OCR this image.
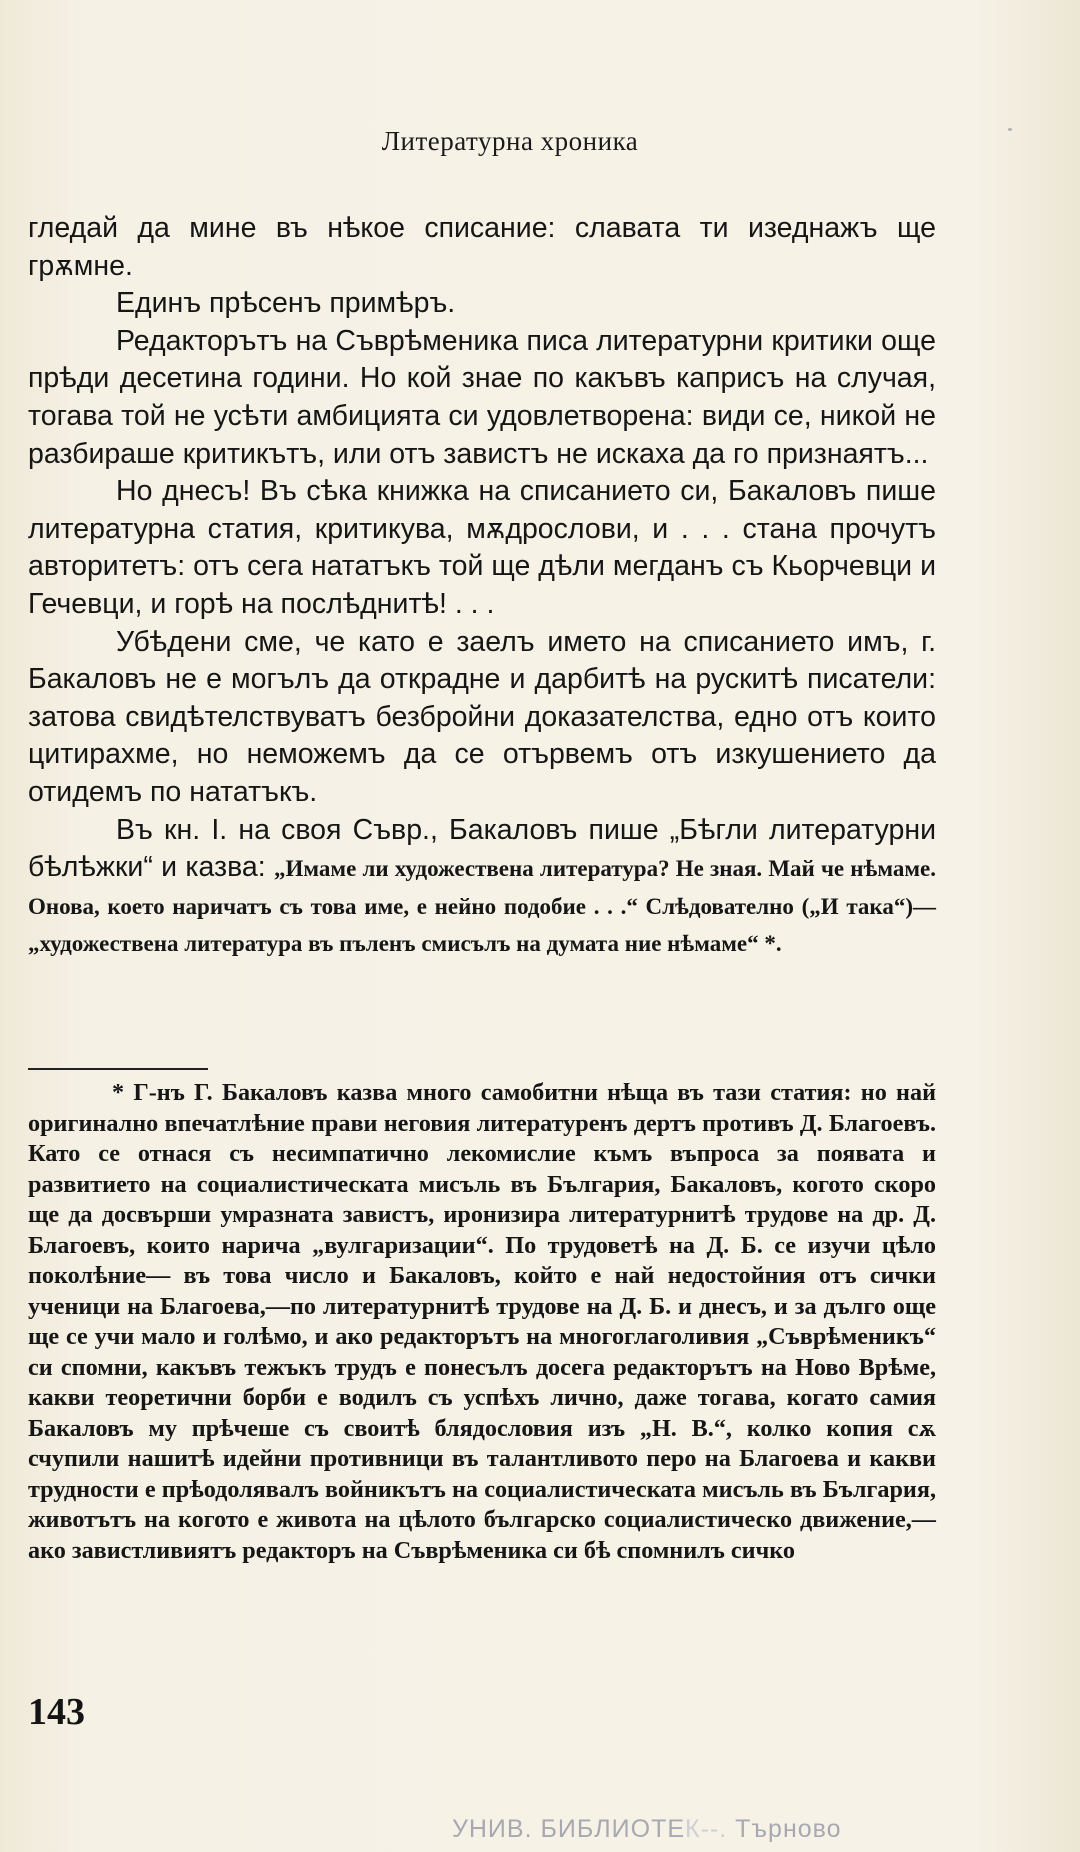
Литературна хроника

гледай да мине въ нѣкое списание: славата ти изеднажъ ще грѫмне.

Единъ прѣсенъ примѣръ.

Редакторътъ на Съврѣменика писа литературни критики още прѣди десетина години. Но кой знае по какъвъ каприсъ на случая, тогава той не усѣти амбицията си удовлетворена: види се, никой не разбираше критикътъ, или отъ завистъ не искаха да го признаятъ...

Но днесъ! Въ сѣка книжка на списанието си, Бакаловъ пише литературна статия, критикува, мѫдрослови, и . . . стана прочутъ авторитетъ: отъ сега нататъкъ той ще дѣли мегданъ съ Кьорчевци и Гечевци, и горѣ на послѣднитѣ! . . .

Убѣдени сме, че като е заелъ името на списанието имъ, г. Бакаловъ не е могълъ да открадне и дарбитѣ на рускитѣ писатели: затова свидѣтелствуватъ безбройни доказателства, едно отъ които цитирахме, но неможемъ да се отървемъ отъ изкушението да отидемъ по нататъкъ.

Въ кн. I. на своя Съвр., Бакаловъ пише „Бѣгли литературни бѣлѣжки“ и казва: „Имаме ли художествена литература? Не зная. Май че нѣмаме. Онова, което наричатъ съ това име, е нейно подобие . . .“ Слѣдователно („И така“)— „художествена литература въ пъленъ смисълъ на думата ние нѣмаме“ *.

* Г-нъ Г. Бакаловъ казва много самобитни нѣща въ тази статия: но най оригинално впечатлѣние прави неговия литературенъ дертъ противъ Д. Благоевъ. Като се отнася съ несимпатично лекомислие къмъ въпроса за появата и развитието на социалистическата мисъль въ България, Бакаловъ, когото скоро ще да досвърши умразната завистъ, иронизира литературнитѣ трудове на др. Д. Благоевъ, които нарича „вулгаризации“. По трудоветѣ на Д. Б. се изучи цѣло поколѣние— въ това число и Бакаловъ, който е най недостойния отъ сички ученици на Благоева,—по литературнитѣ трудове на Д. Б. и днесъ, и за дълго още ще се учи мало и голѣмо, и ако редакторътъ на многоглаголивия „Съврѣменикъ“ си спомни, какъвъ тежъкъ трудъ е понесълъ досега редакторътъ на Ново Врѣме, какви теоретични борби е водилъ съ успѣхъ лично, даже тогава, когато самия Бакаловъ му прѣчеше съ своитѣ блядословия изъ „Н. В.“, колко копия сѫ счупили нашитѣ идейни противници въ талантливото перо на Благоева и какви трудности е прѣодолявалъ войникътъ на социалистическата мисъль въ България, животътъ на когото е живота на цѣлото българско социалистическо движение,— ако завистливиятъ редакторъ на Съврѣменика си бѣ спомнилъ сичко

143
УНИВ. БИБЛИОТЕК--. Търново
